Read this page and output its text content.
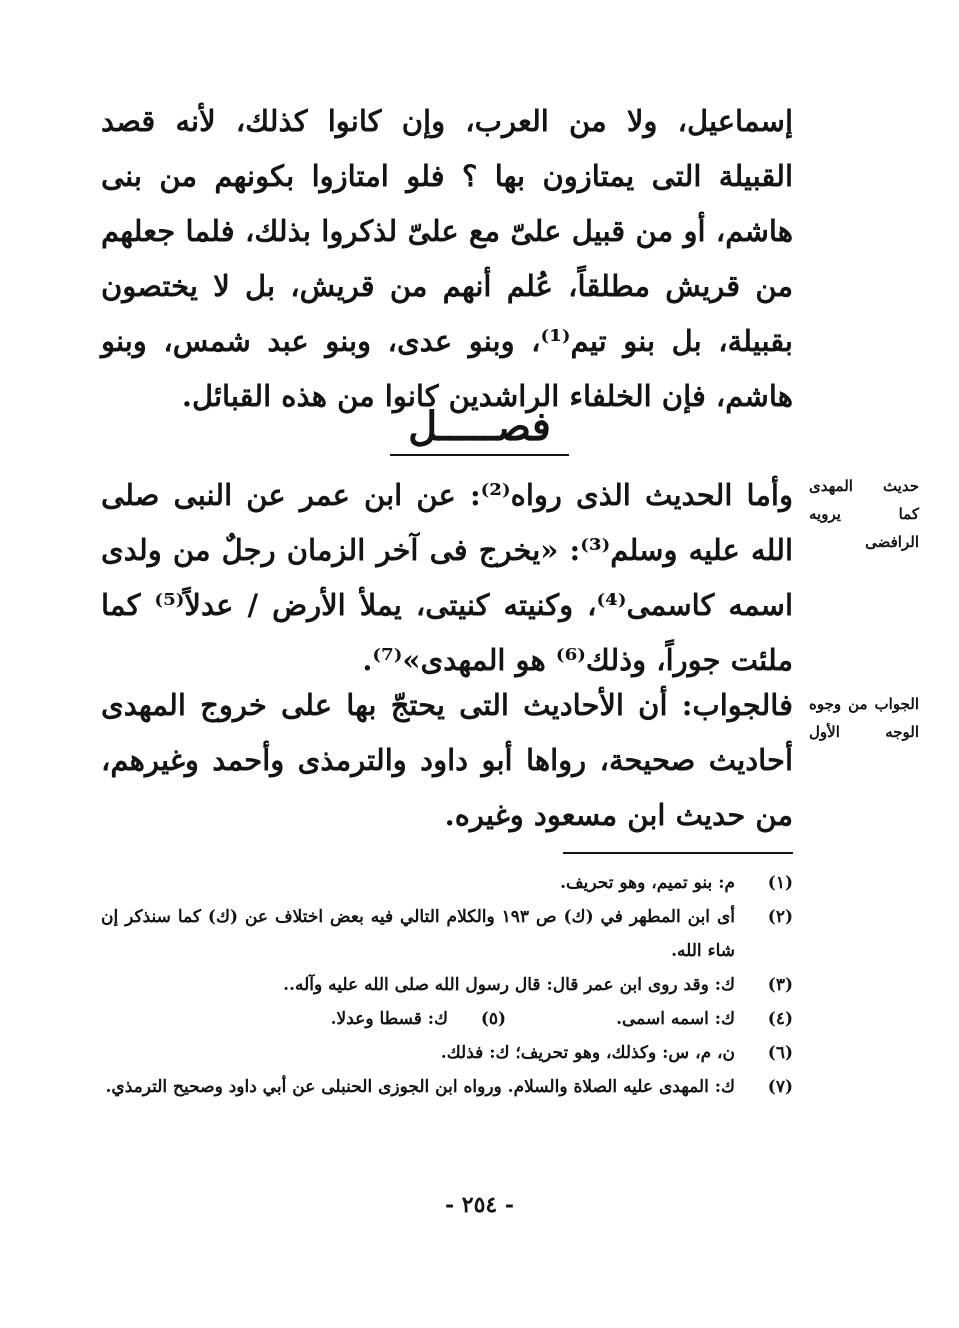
إسماعيل، ولا من العرب، وإن كانوا كذلك، لأنه قصد القبيلة التى يمتازون بها ؟ فلو امتازوا بكونهم من بنى هاشم، أو من قبيل علىّ مع علىّ لذكروا بذلك، فلما جعلهم من قريش مطلقاً، عُلم أنهم من قريش، بل لا يختصون بقبيلة، بل بنو تيم⁽¹⁾، وبنو عدى، وبنو عبد شمس، وبنو هاشم، فإن الخلفاء الراشدين كانوا من هذه القبائل.

فصـــــل
حديث المهدى كما يرويه الرافضى

وأما الحديث الذى رواه⁽²⁾: عن ابن عمر عن النبى صلى الله عليه وسلم⁽³⁾: «يخرج فى آخر الزمان رجلٌ من ولدى اسمه كاسمى⁽⁴⁾، وكنيته كنيتى، يملأ الأرض / عدلاً⁽⁵⁾ كما ملئت جوراً، وذلك⁽⁶⁾ هو المهدى»⁽⁷⁾.

الجواب من وجوه الوجه الأول

فالجواب: أن الأحاديث التى يحتجّ بها على خروج المهدى أحاديث صحيحة، رواها أبو داود والترمذى وأحمد وغيرهم، من حديث ابن مسعود وغيره.

(١)
م: بنو تميم، وهو تحريف.
(٢)
أى ابن المطهر في (ك) ص ١٩٣ والكلام التالي فيه بعض اختلاف عن (ك) كما سنذكر إن شاء الله.
(٣)
ك: وقد روى ابن عمر قال: قال رسول الله صلى الله عليه وآله..
(٤)
ك: اسمه اسمى.
(٥)
ك: قسطا وعدلا.
(٦)
ن، م، س: وكذلك، وهو تحريف؛ ك: فذلك.
(٧)
ك: المهدى عليه الصلاة والسلام. ورواه ابن الجوزى الحنبلى عن أبي داود وصحيح الترمذي.
- ٢٥٤ -
